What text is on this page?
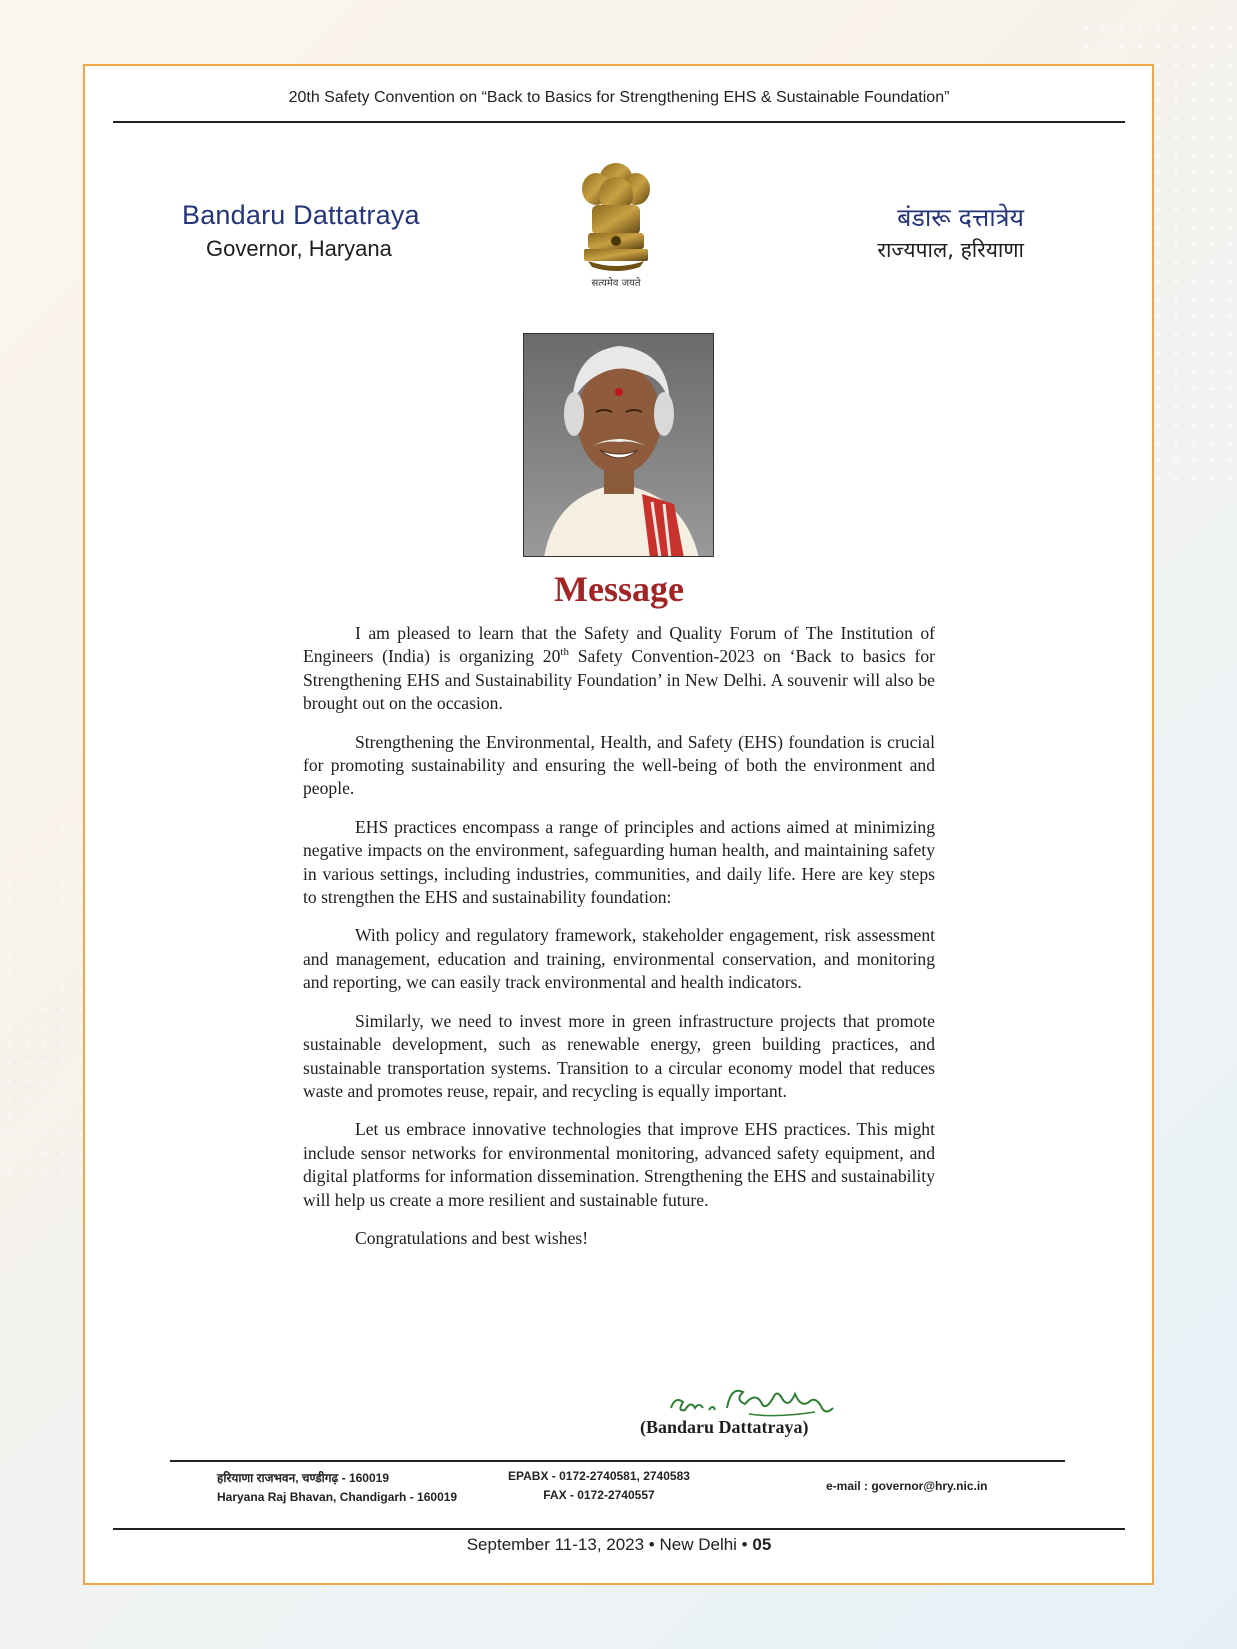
20th Safety Convention on “Back to Basics for Strengthening EHS & Sustainable Foundation”
Bandaru Dattatraya
Governor, Haryana
बंडारू दत्तात्रेय
राज्यपाल, हरियाणा
सत्यमेव जयते
Message

I am pleased to learn that the Safety and Quality Forum of The Institution of Engineers (India) is organizing 20th Safety Convention-2023 on ‘Back to basics for Strengthening EHS and Sustainability Foundation’ in New Delhi. A souvenir will also be brought out on the occasion.

Strengthening the Environmental, Health, and Safety (EHS) foundation is crucial for promoting sustainability and ensuring the well-being of both the environment and people.

EHS practices encompass a range of principles and actions aimed at minimizing negative impacts on the environment, safeguarding human health, and maintaining safety in various settings, including industries, communities, and daily life. Here are key steps to strengthen the EHS and sustainability foundation:

With policy and regulatory framework, stakeholder engagement, risk assessment and management, education and training, environmental conservation, and monitoring and reporting, we can easily track environmental and health indicators.

Similarly, we need to invest more in green infrastructure projects that promote sustainable development, such as renewable energy, green building practices, and sustainable transportation systems. Transition to a circular economy model that reduces waste and promotes reuse, repair, and recycling is equally important.

Let us embrace innovative technologies that improve EHS practices. This might include sensor networks for environmental monitoring, advanced safety equipment, and digital platforms for information dissemination. Strengthening the EHS and sustainability will help us create a more resilient and sustainable future.

Congratulations and best wishes!

(Bandaru Dattatraya)
हरियाणा राजभवन, चण्डीगढ़ - 160019
Haryana Raj Bhavan, Chandigarh - 160019
EPABX - 0172-2740581, 2740583
FAX - 0172-2740557
e-mail : governor@hry.nic.in
September 11-13, 2023 • New Delhi • 05
